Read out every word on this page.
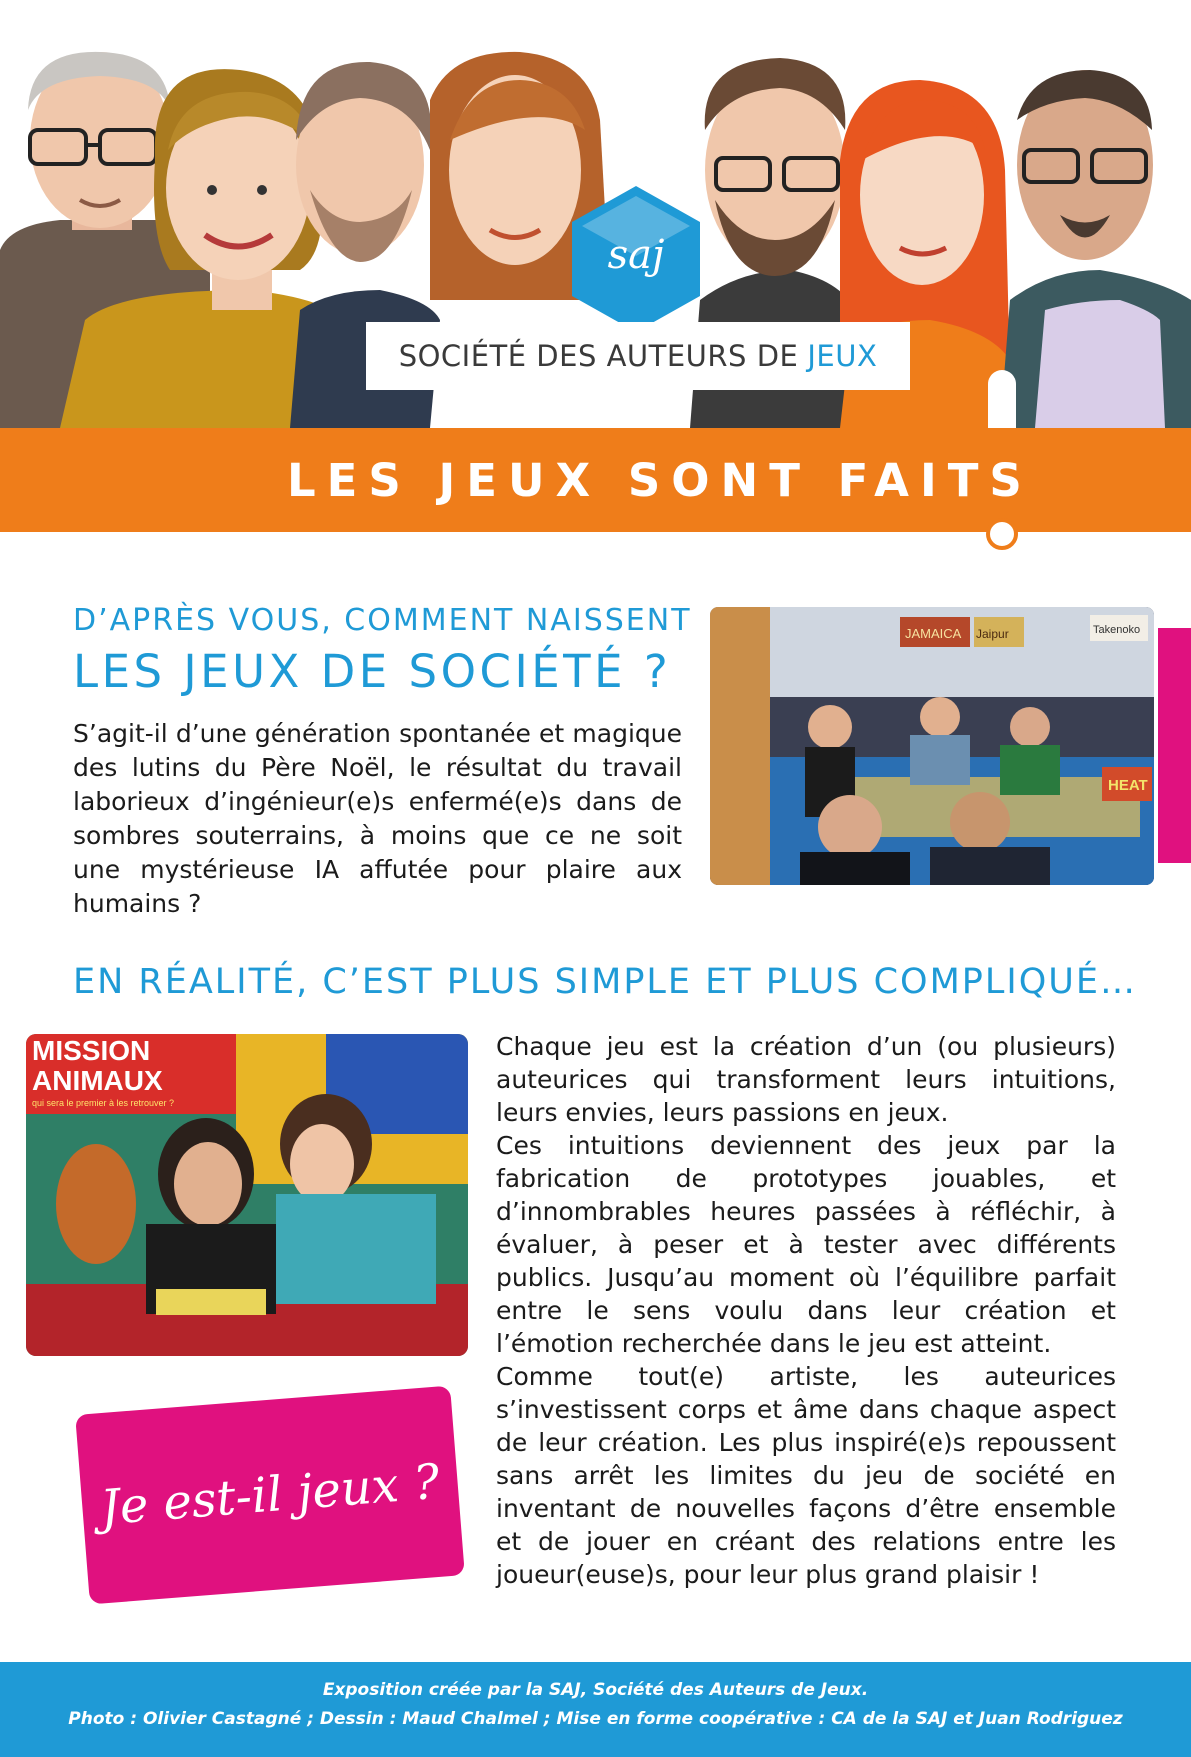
saj
SOCIÉTÉ DES AUTEURS DE JEUX
LES JEUX SONT FAITS
D’APRÈS VOUS, COMMENT NAISSENT
LES JEUX DE SOCIÉTÉ ?

S’agit-il d’une génération spontanée et magique des lutins du Père Noël, le résultat du travail laborieux d’ingénieur(e)s enfermé(e)s dans de sombres souterrains, à moins que ce ne soit une mystérieuse IA affutée pour plaire aux humains ?

JAMAICA Jaipur	Takenoko
HEAT
EN RÉALITÉ, C’EST PLUS SIMPLE ET PLUS COMPLIQUÉ…
MISSION
ANIMAUX
qui sera le premier à les retrouver ?

Chaque jeu est la création d’un (ou plusieurs) auteurices qui transforment leurs intuitions, leurs envies, leurs passions en jeux.

Ces intuitions deviennent des jeux par la fabrication de prototypes jouables, et d’innombrables heures passées à réfléchir, à évaluer, à peser et à tester avec différents publics. Jusqu’au moment où l’équilibre parfait entre le sens voulu dans leur création et l’émotion recherchée dans le jeu est atteint.

Comme tout(e) artiste, les auteurices s’investissent corps et âme dans chaque aspect de leur création. Les plus inspiré(e)s repoussent sans arrêt les limites du jeu de société en inventant de nouvelles façons d’être ensemble et de jouer en créant des relations entre les joueur(euse)s, pour leur plus grand plaisir !

Je est-il jeux ?
Exposition créée par la SAJ, Société des Auteurs de Jeux.
Photo : Olivier Castagné ; Dessin : Maud Chalmel ; Mise en forme coopérative : CA de la SAJ et Juan Rodriguez
